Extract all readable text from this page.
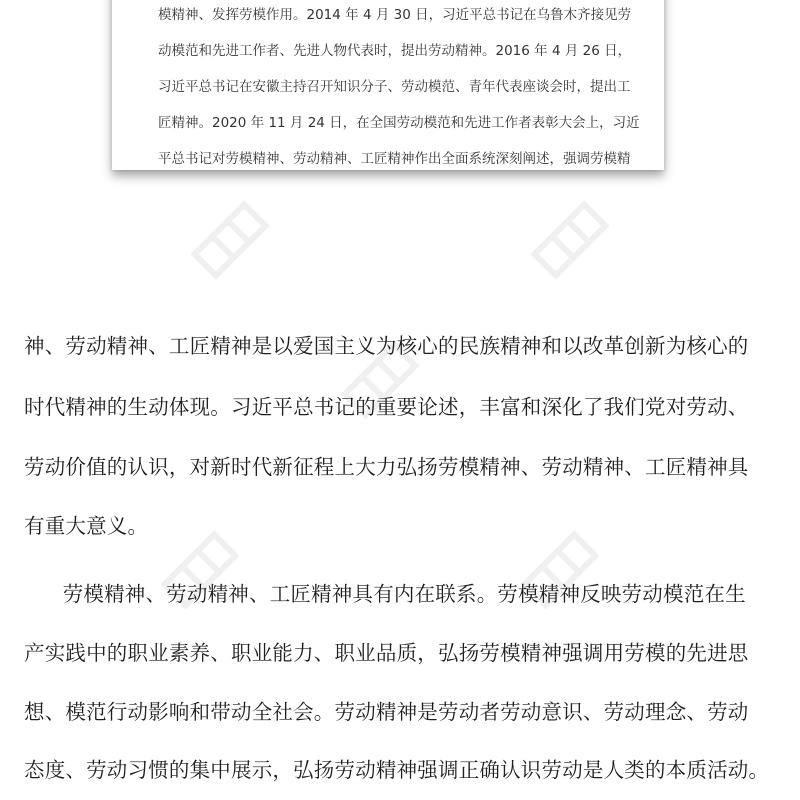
模精神、发挥劳模作用。2014 年 4 月 30 日，习近平总书记在乌鲁木齐接见劳
动模范和先进工作者、先进人物代表时，提出劳动精神。2016 年 4 月 26 日，
习近平总书记在安徽主持召开知识分子、劳动模范、青年代表座谈会时，提出工
匠精神。2020 年 11 月 24 日，在全国劳动模范和先进工作者表彰大会上，习近
平总书记对劳模精神、劳动精神、工匠精神作出全面系统深刻阐述，强调劳模精
神、劳动精神、工匠精神是以爱国主义为核心的民族精神和以改革创新为核心的
时代精神的生动体现。习近平总书记的重要论述，丰富和深化了我们党对劳动、
劳动价值的认识，对新时代新征程上大力弘扬劳模精神、劳动精神、工匠精神具
有重大意义。
　劳模精神、劳动精神、工匠精神具有内在联系。劳模精神反映劳动模范在生
产实践中的职业素养、职业能力、职业品质，弘扬劳模精神强调用劳模的先进思
想、模范行动影响和带动全社会。劳动精神是劳动者劳动意识、劳动理念、劳动
态度、劳动习惯的集中展示，弘扬劳动精神强调正确认识劳动是人类的本质活动。
